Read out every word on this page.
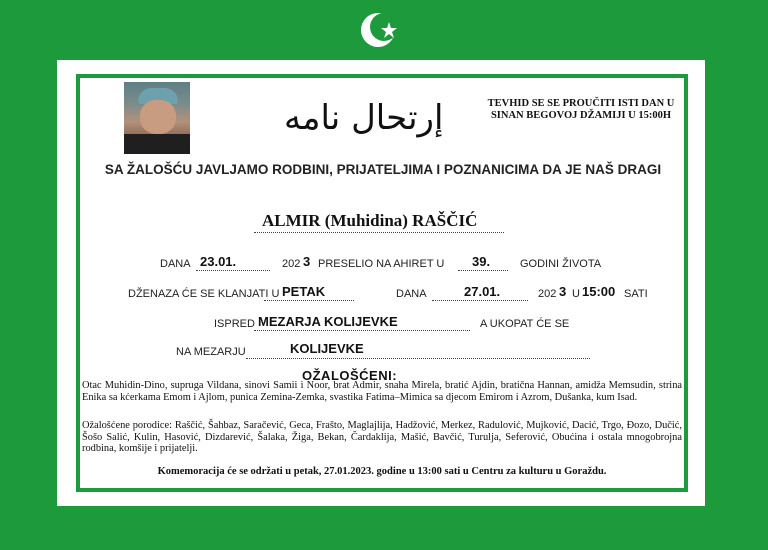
إرتحال نامه	TEVHID SE SE PROUČITI ISTI DAN U SINAN BEGOVOJ DŽAMIJI U 15:00H
SA ŽALOŠĆU JAVLJAMO RODBINI, PRIJATELJIMA I POZNANICIMA DA JE NAŠ DRAGI
ALMIR (Muhidina) RAŠČIĆ
DANA 23.01.	202 3 PRESELIO NA AHIRET U 39.	GODINI ŽIVOTA
DŽENAZA ĆE SE KLANJATI U PETAK	DANA	27.01.	202 3 U 15:00 SATI
ISPRED MEZARJA KOLIJEVKE	A UKOPAT ĆE SE
NA MEZARJU	KOLIJEVKE
OŽALOŠĆENI:
Otac Muhidin-Dino, supruga Vildana, sinovi Samii i Noor, brat Admir, snaha Mirela, bratić Ajdin, bratična Hannan, amidža Memsudin, strina Enika sa kćerkama Emom i Ajlom, punica Zemina-Zemka, svastika Fatima–Mimica sa djecom Emirom i Azrom, Dušanka, kum Isad.
Ožalošćene porodice: Raščić, Šahbaz, Saračević, Geca, Frašto, Maglajlija, Hadžović, Merkez, Radulović, Mujković, Dacić, Trgo, Đozo, Dučić, Šošo Salić, Kulin, Hasović, Dizdarević, Šalaka, Žiga, Bekan, Čardaklija, Mašić, Bavčić, Turulja, Seferović, Obućina i ostala mnogobrojna rodbina, komšije i prijatelji.
Komemoracija će se održati u petak, 27.01.2023. godine u 13:00 sati u Centru za kulturu u Goraždu.
